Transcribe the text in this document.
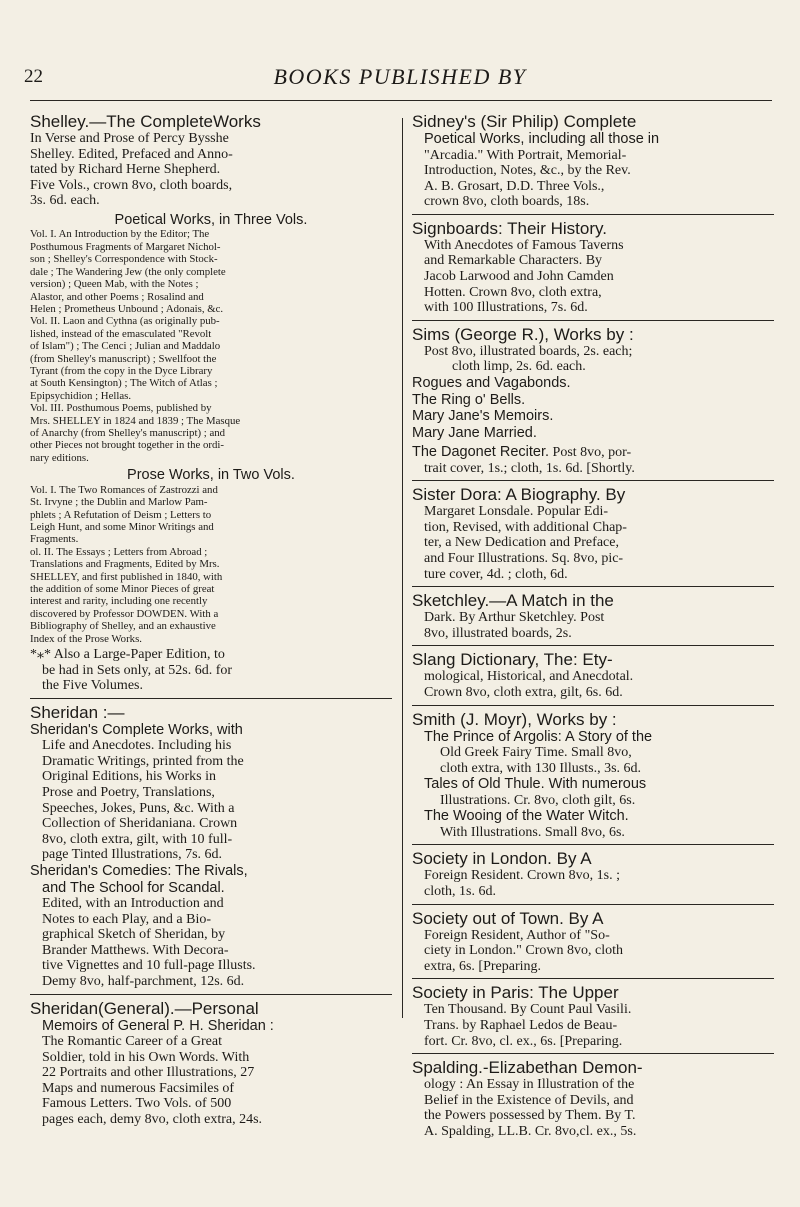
22	BOOKS PUBLISHED BY

Shelley.—The CompleteWorks

In Verse and Prose of Percy Bysshe

Shelley. Edited, Prefaced and Anno-

tated by Richard Herne Shepherd.

Five Vols., crown 8vo, cloth boards,

3s. 6d. each.

Poetical Works, in Three Vols.

Vol. I. An Introduction by the Editor; The

Posthumous Fragments of Margaret Nichol-

son ; Shelley's Correspondence with Stock-

dale ; The Wandering Jew (the only complete

version) ; Queen Mab, with the Notes ;

Alastor, and other Poems ; Rosalind and

Helen ; Prometheus Unbound ; Adonais, &c.

Vol. II. Laon and Cythna (as originally pub-

lished, instead of the emasculated "Revolt

of Islam") ; The Cenci ; Julian and Maddalo

(from Shelley's manuscript) ; Swellfoot the

Tyrant (from the copy in the Dyce Library

at South Kensington) ; The Witch of Atlas ;

Epipsychidion ; Hellas.

Vol. III. Posthumous Poems, published by

Mrs. SHELLEY in 1824 and 1839 ; The Masque

of Anarchy (from Shelley's manuscript) ; and

other Pieces not brought together in the ordi-

nary editions.

Prose Works, in Two Vols.

Vol. I. The Two Romances of Zastrozzi and

St. Irvyne ; the Dublin and Marlow Pam-

phlets ; A Refutation of Deism ; Letters to

Leigh Hunt, and some Minor Writings and

Fragments.

ol. II. The Essays ; Letters from Abroad ;

Translations and Fragments, Edited by Mrs.

SHELLEY, and first published in 1840, with

the addition of some Minor Pieces of great

interest and rarity, including one recently

discovered by Professor DOWDEN. With a

Bibliography of Shelley, and an exhaustive

Index of the Prose Works.

*⁎* Also a Large-Paper Edition, to

be had in Sets only, at 52s. 6d. for

the Five Volumes.

Sheridan :—

Sheridan's Complete Works, with

Life and Anecdotes. Including his

Dramatic Writings, printed from the

Original Editions, his Works in

Prose and Poetry, Translations,

Speeches, Jokes, Puns, &c. With a

Collection of Sheridaniana. Crown

8vo, cloth extra, gilt, with 10 full-

page Tinted Illustrations, 7s. 6d.

Sheridan's Comedies: The Rivals,

and The School for Scandal.

Edited, with an Introduction and

Notes to each Play, and a Bio-

graphical Sketch of Sheridan, by

Brander Matthews. With Decora-

tive Vignettes and 10 full-page Illusts.

Demy 8vo, half-parchment, 12s. 6d.

Sheridan(General).—Personal

Memoirs of General P. H. Sheridan :

The Romantic Career of a Great

Soldier, told in his Own Words. With

22 Portraits and other Illustrations, 27

Maps and numerous Facsimiles of

Famous Letters. Two Vols. of 500

pages each, demy 8vo, cloth extra, 24s.

Sidney's (Sir Philip) Complete

Poetical Works, including all those in

"Arcadia." With Portrait, Memorial-

Introduction, Notes, &c., by the Rev.

A. B. Grosart, D.D. Three Vols.,

crown 8vo, cloth boards, 18s.

Signboards: Their History.

With Anecdotes of Famous Taverns

and Remarkable Characters. By

Jacob Larwood and John Camden

Hotten. Crown 8vo, cloth extra,

with 100 Illustrations, 7s. 6d.

Sims (George R.), Works by :

Post 8vo, illustrated boards, 2s. each;

cloth limp, 2s. 6d. each.

Rogues and Vagabonds.

The Ring o' Bells.

Mary Jane's Memoirs.

Mary Jane Married.

The Dagonet Reciter. Post 8vo, por-

trait cover, 1s.; cloth, 1s. 6d. [Shortly.

Sister Dora: A Biography. By

Margaret Lonsdale. Popular Edi-

tion, Revised, with additional Chap-

ter, a New Dedication and Preface,

and Four Illustrations. Sq. 8vo, pic-

ture cover, 4d. ; cloth, 6d.

Sketchley.—A Match in the

Dark. By Arthur Sketchley. Post

8vo, illustrated boards, 2s.

Slang Dictionary, The: Ety-

mological, Historical, and Anecdotal.

Crown 8vo, cloth extra, gilt, 6s. 6d.

Smith (J. Moyr), Works by :

The Prince of Argolis: A Story of the

Old Greek Fairy Time. Small 8vo,

cloth extra, with 130 Illusts., 3s. 6d.

Tales of Old Thule. With numerous

Illustrations. Cr. 8vo, cloth gilt, 6s.

The Wooing of the Water Witch.

With Illustrations. Small 8vo, 6s.

Society in London. By A

Foreign Resident. Crown 8vo, 1s. ;

cloth, 1s. 6d.

Society out of Town. By A

Foreign Resident, Author of "So-

ciety in London." Crown 8vo, cloth

extra, 6s. [Preparing.

Society in Paris: The Upper

Ten Thousand. By Count Paul Vasili.

Trans. by Raphael Ledos de Beau-

fort. Cr. 8vo, cl. ex., 6s. [Preparing.

Spalding.-Elizabethan Demon-

ology : An Essay in Illustration of the

Belief in the Existence of Devils, and

the Powers possessed by Them. By T.

A. Spalding, LL.B. Cr. 8vo,cl. ex., 5s.
